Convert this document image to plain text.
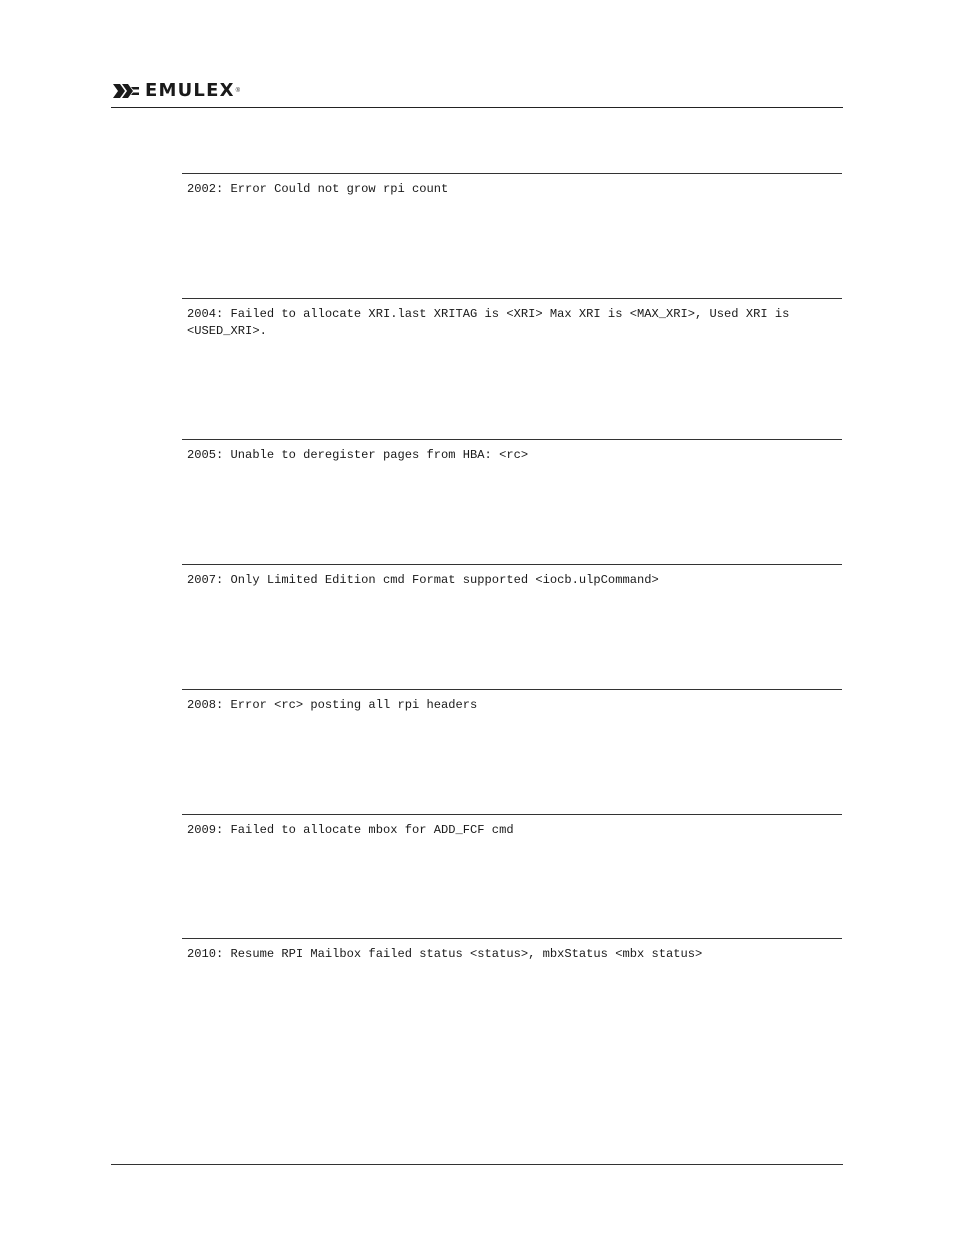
EMULEX ®
2002: Error Could not grow rpi count
2004: Failed to allocate XRI.last XRITAG is <XRI> Max XRI is <MAX_XRI>, Used XRI is <USED_XRI>.
2005: Unable to deregister pages from HBA: <rc>
2007: Only Limited Edition cmd Format supported <iocb.ulpCommand>
2008: Error <rc> posting all rpi headers
2009: Failed to allocate mbox for ADD_FCF cmd
2010: Resume RPI Mailbox failed status <status>, mbxStatus <mbx status>
